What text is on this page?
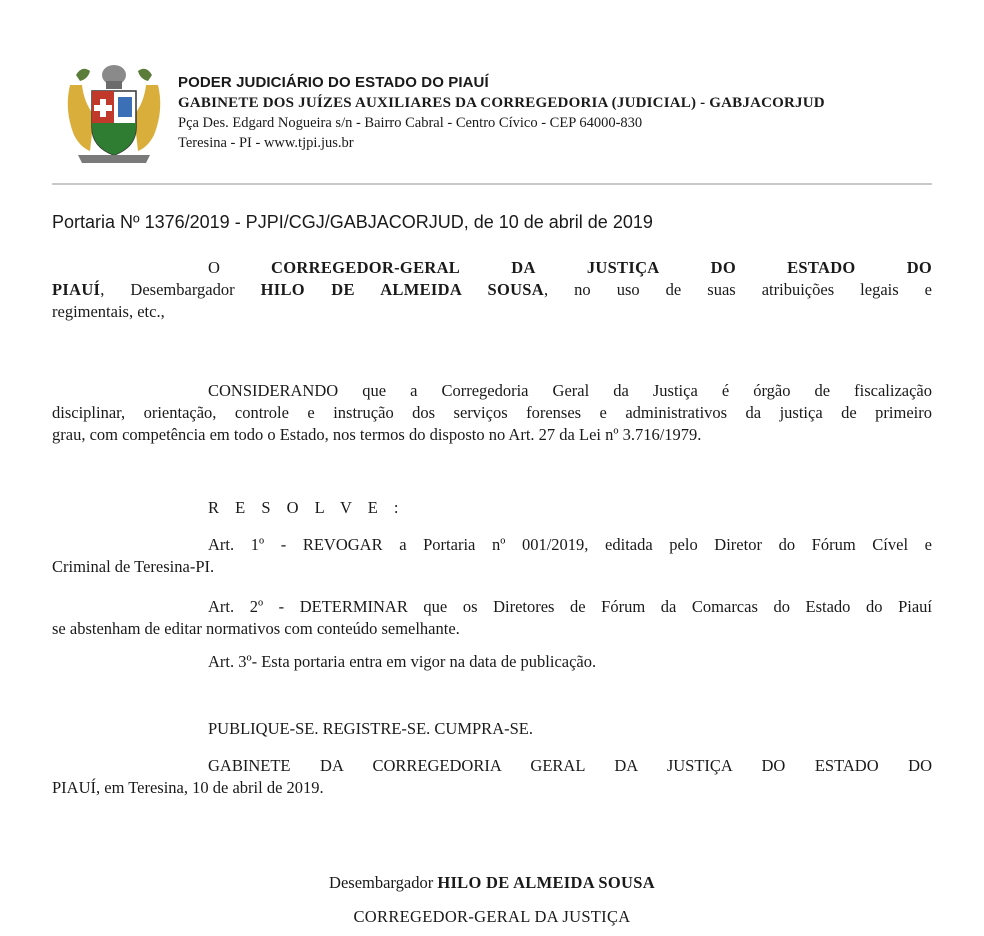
PODER JUDICIÁRIO DO ESTADO DO PIAUÍ
GABINETE DOS JUÍZES AUXILIARES DA CORREGEDORIA (JUDICIAL) - GABJACORJUD
Pça Des. Edgard Nogueira s/n - Bairro Cabral - Centro Cívico - CEP 64000-830
Teresina - PI - www.tjpi.jus.br
Portaria Nº 1376/2019 - PJPI/CGJ/GABJACORJUD, de 10 de abril de 2019
O	CORREGEDOR-GERAL	DA	JUSTIÇA	DO	ESTADO	DO
PIAUÍ, Desembargador HILO DE ALMEIDA SOUSA, no uso de suas atribuições legais e
regimentais, etc.,
CONSIDERANDO que a Corregedoria Geral da Justiça é órgão de fiscalização
disciplinar, orientação, controle e instrução dos serviços forenses e administrativos da justiça de primeiro
grau, com competência em todo o Estado, nos termos do disposto no Art. 27 da Lei nº 3.716/1979.
R E S O L V E :
Art. 1º - REVOGAR a Portaria nº 001/2019, editada pelo Diretor do Fórum Cível e
Criminal de Teresina-PI.
Art. 2º - DETERMINAR que os Diretores de Fórum da Comarcas do Estado do Piauí
se abstenham de editar normativos com conteúdo semelhante.
Art. 3º- Esta portaria entra em vigor na data de publicação.
PUBLIQUE-SE. REGISTRE-SE. CUMPRA-SE.
GABINETE DA CORREGEDORIA GERAL DA JUSTIÇA DO ESTADO DO
PIAUÍ, em Teresina, 10 de abril de 2019.
Desembargador HILO DE ALMEIDA SOUSA
CORREGEDOR-GERAL DA JUSTIÇA
